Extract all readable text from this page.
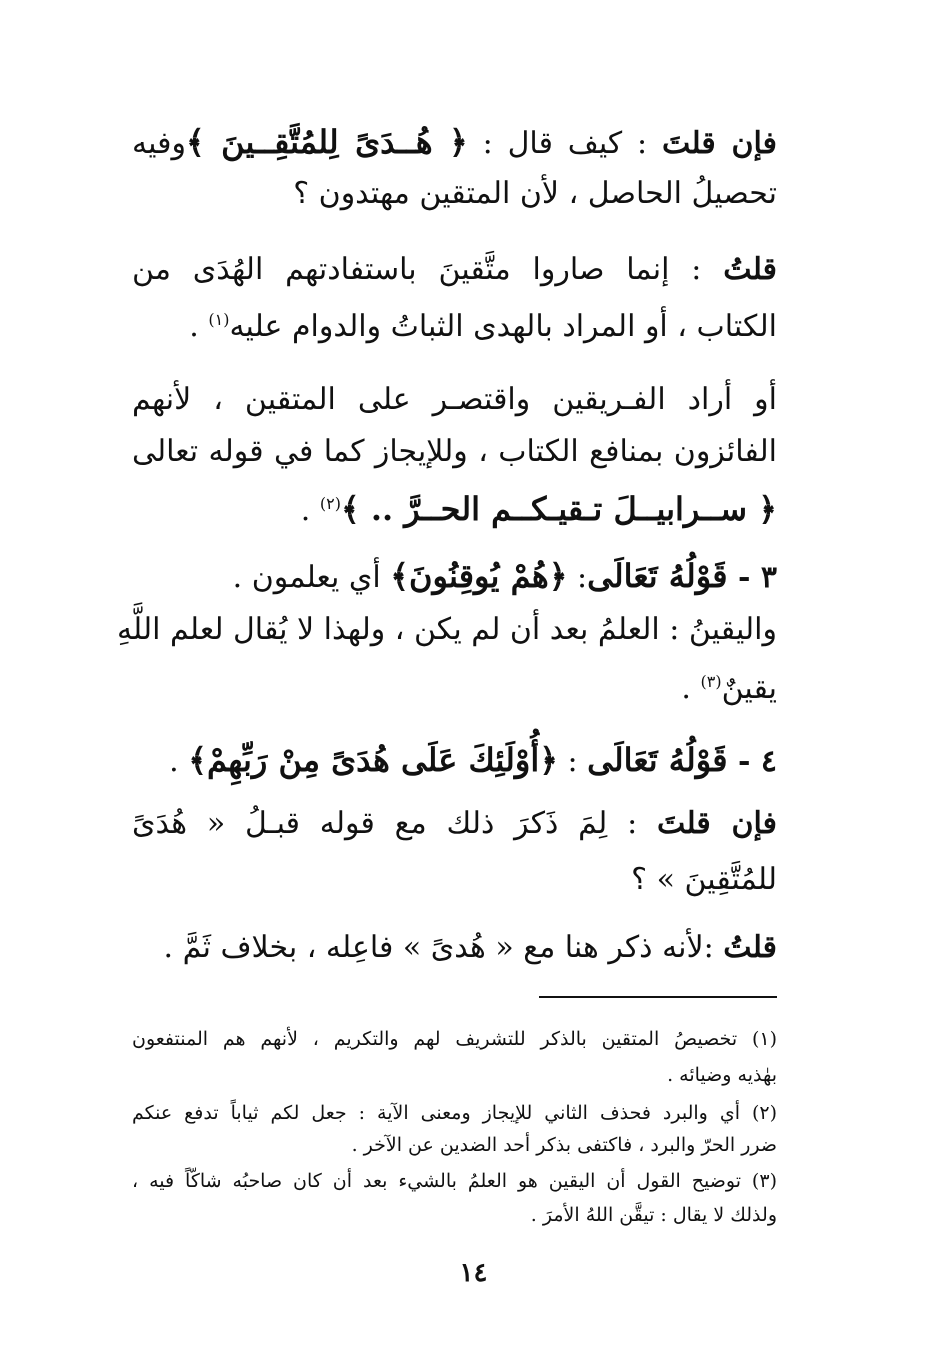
فإن قلتَ : كيف قال : ﴿ هُــدَىً لِلمُتَّقِــينَ ﴾وفيه
تحصيلُ الحاصل ، لأن المتقين مهتدون ؟
قلتُ : إنما صاروا متَّقينَ باستفادتهم الهُدَى من
الكتاب ، أو المراد بالهدى الثباتُ والدوام عليه$^{(١)}$ .
أو أراد الفـريقين واقتصـر على المتقين ، لأنهم
الفائزون بمنافع الكتاب ، وللإيجاز كما في قوله تعالى
﴿ ســرابيــلَ تـقيـكــم الحــرَّ .. ﴾$^{(٢)}$ .
٣ - قَوْلُهُ تَعَالَى: ﴿هُمْ يُوقِنُونَ﴾ أي يعلمون .
واليقينُ : العلمُ بعد أن لم يكن ، ولهذا لا يُقال لعلم اللَّهِ
يقينٌ$^{(٣)}$ .
٤ - قَوْلُهُ تَعَالَى : ﴿أُوْلَئِكَ عَلَى هُدَىً مِنْ رَبِّهِمْ﴾ .
فإن قلتَ : لِمَ ذَكرَ ذلك مع قوله قبـلُ « هُدَىً
للمُتَّقِينَ » ؟
قلتُ :لأنه ذكر هنا مع « هُدىً » فاعِله ، بخلاف ثَمَّ .
(١) تخصيصُ المتقين بالذكر للتشريف لهم والتكريم ، لأنهم هم المنتفعون
بهٰذيه وضيائه .
(٢) أي والبرد فحذف الثاني للإيجاز ومعنى الآية : جعل لكم ثياباً تدفع عنكم
ضرر الحرّ والبرد ، فاكتفى بذكر أحد الضدين عن الآخر .
(٣) توضيح القول أن اليقين هو العلمُ بالشيء بعد أن كان صاحبُه شاكّاً فيه ،
ولذلك لا يقال : تيقَّن اللهُ الأمرَ .
١٤
